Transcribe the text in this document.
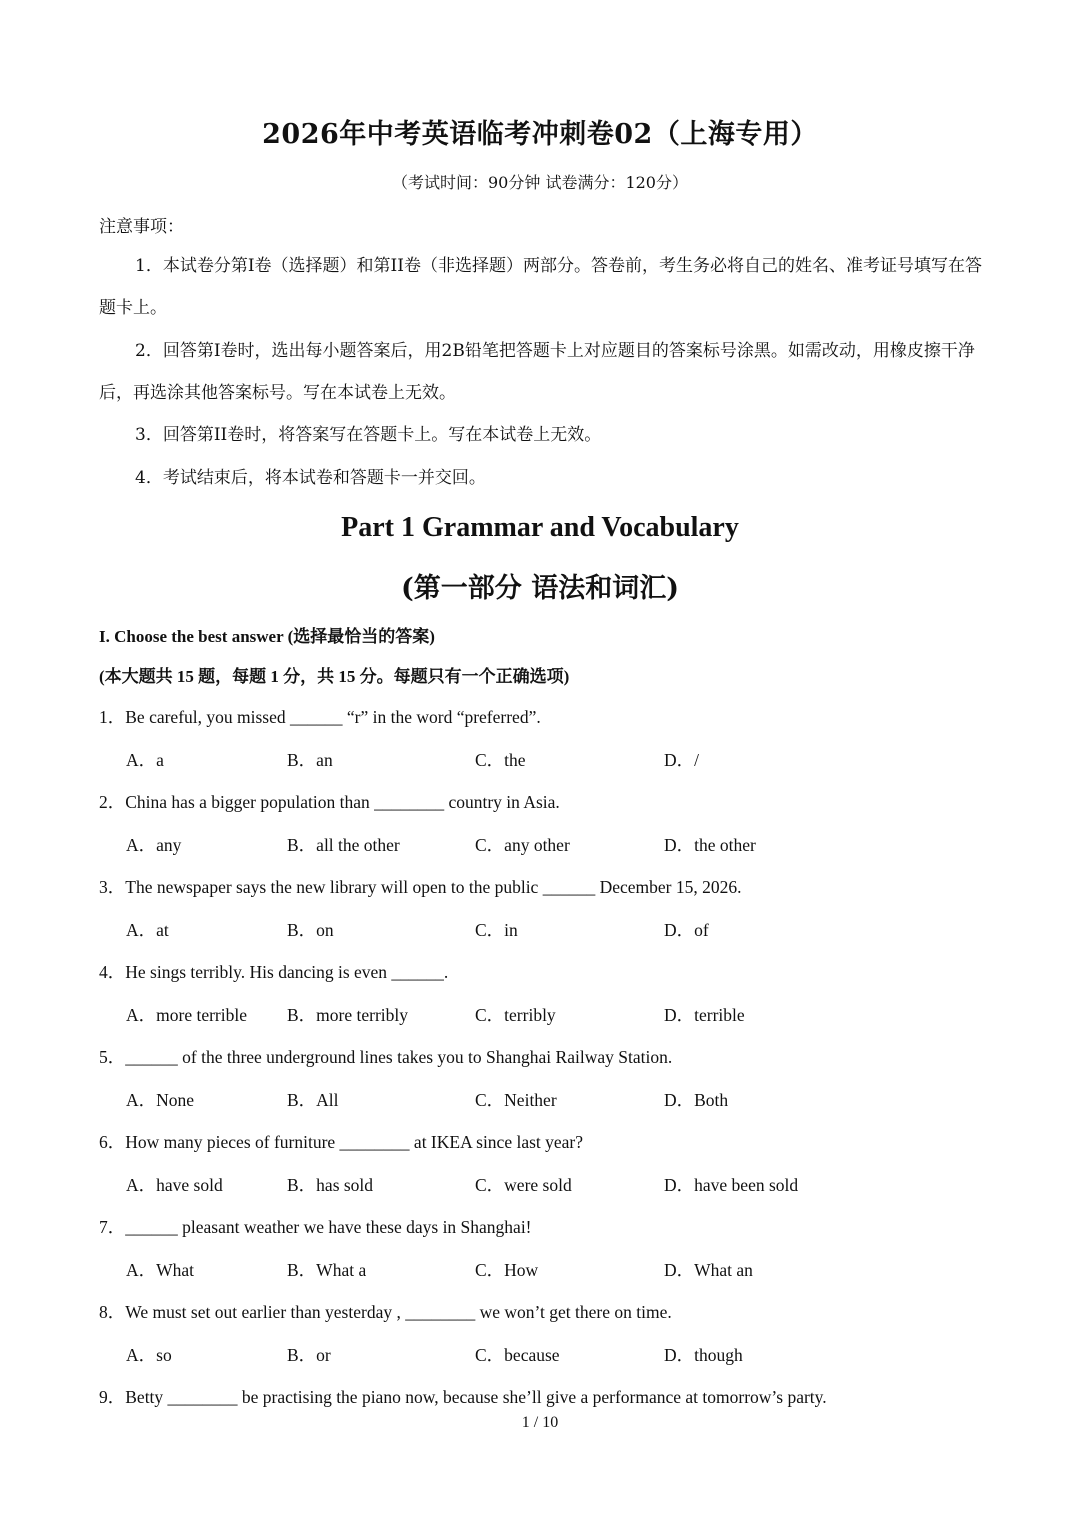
2026年中考英语临考冲刺卷02（上海专用）
（考试时间：90分钟 试卷满分：120分）
注意事项：

1．本试卷分第I卷（选择题）和第II卷（非选择题）两部分。答卷前，考生务必将自己的姓名、准考证号填写在答题卡上。

2．回答第I卷时，选出每小题答案后，用2B铅笔把答题卡上对应题目的答案标号涂黑。如需改动，用橡皮擦干净后，再选涂其他答案标号。写在本试卷上无效。

3．回答第II卷时，将答案写在答题卡上。写在本试卷上无效。

4．考试结束后，将本试卷和答题卡一并交回。

Part 1 Grammar and Vocabulary
(第一部分 语法和词汇)
I. Choose the best answer (选择最恰当的答案)
(本大题共 15 题，每题 1 分，共 15 分。每题只有一个正确选项)
1．Be careful, you missed ______ “r” in the word “preferred”.
A．a	B．an	C．the	D．/
2．China has a bigger population than ________ country in Asia.
A．any	B．all the other	C．any other	D．the other
3．The newspaper says the new library will open to the public ______ December 15, 2026.
A．at	B．on	C．in	D．of
4．He sings terribly. His dancing is even ______.
A．more terrible B．more terribly	C．terribly	D．terrible
5．______ of the three underground lines takes you to Shanghai Railway Station.
A．None	B．All	C．Neither	D．Both
6．How many pieces of furniture ________ at IKEA since last year?
A．have sold	B．has sold	C．were sold	D．have been sold
7．______ pleasant weather we have these days in Shanghai!
A．What	B．What a	C．How	D．What an
8．We must set out earlier than yesterday , ________ we won’t get there on time.
A．so	B．or	C．because	D．though
9．Betty ________ be practising the piano now, because she’ll give a performance at tomorrow’s party.
1 / 10
